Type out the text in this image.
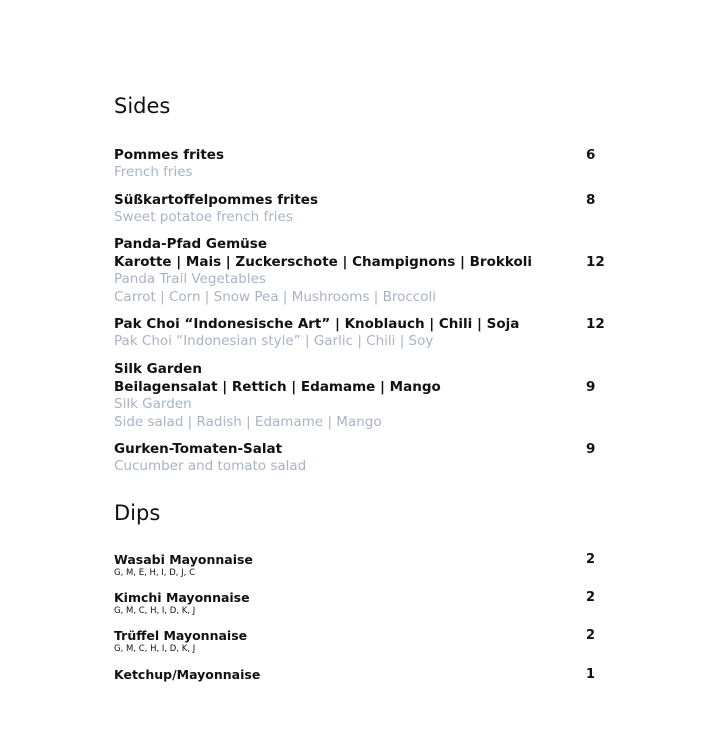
Sides
Pommes frites
French fries
6
Süßkartoffelpommes frites
Sweet potatoe french fries
8
Panda-Pfad Gemüse
Karotte | Mais | Zuckerschote | Champignons | Brokkoli
Panda Trail Vegetables
Carrot | Corn | Snow Pea | Mushrooms | Broccoli
12
Pak Choi “Indonesische Art” | Knoblauch | Chili | Soja
Pak Choi “Indonesian style” | Garlic | Chili | Soy
12
Silk Garden
Beilagensalat | Rettich | Edamame | Mango
Silk Garden
Side salad | Radish | Edamame | Mango
9
Gurken-Tomaten-Salat
Cucumber and tomato salad
9
Dips
Wasabi Mayonnaise
G, M, E, H, I, D, J, C
2
Kimchi Mayonnaise
G, M, C, H, I, D, K, J
2
Trüffel Mayonnaise
G, M, C, H, I, D, K, J
2
Ketchup/Mayonnaise	1
